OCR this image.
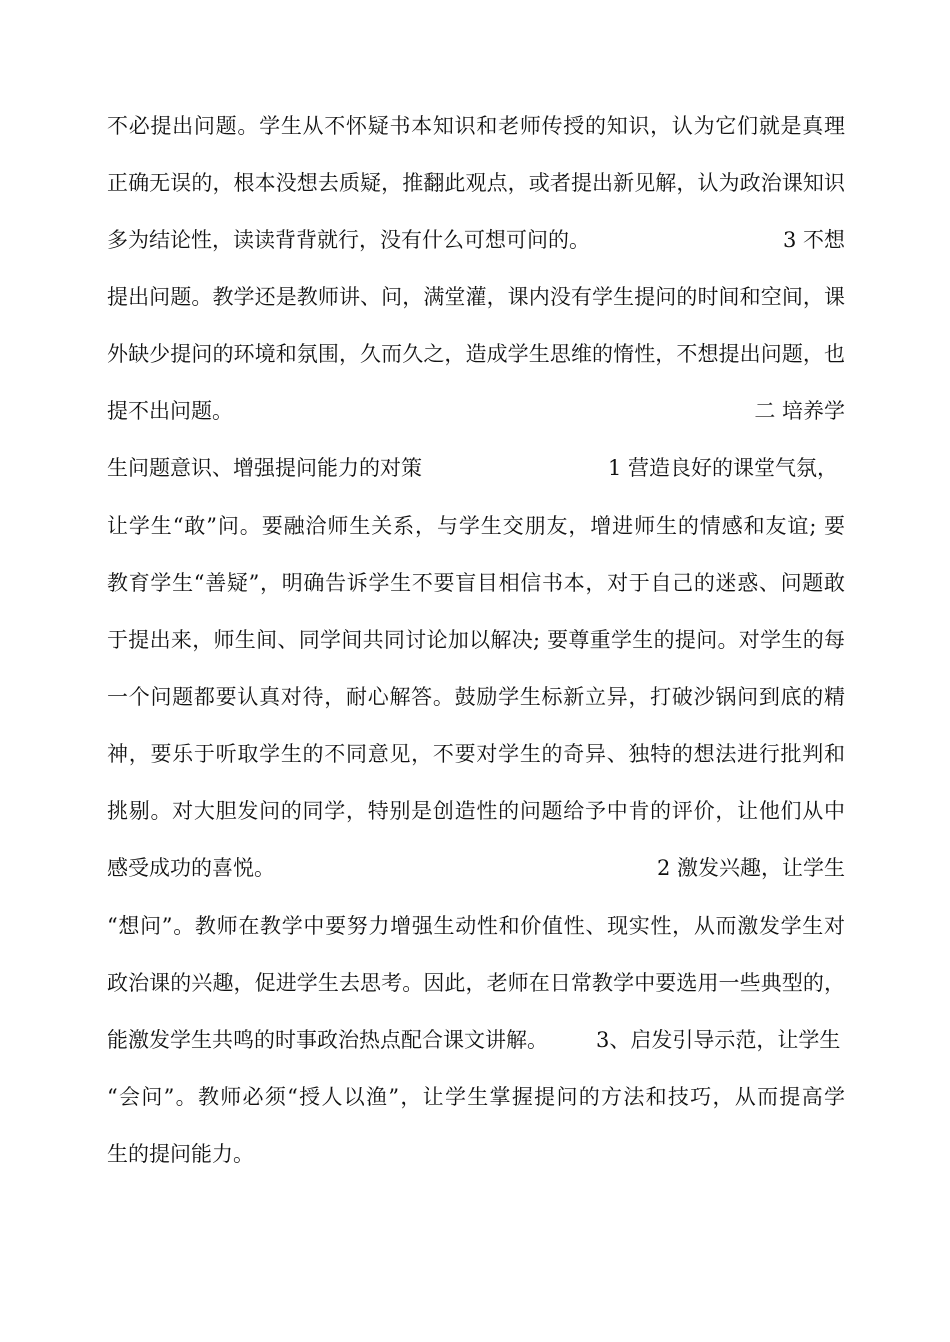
不必提出问题。学生从不怀疑书本知识和老师传授的知识，认为它们就是真理
正确无误的，根本没想去质疑，推翻此观点，或者提出新见解，认为政治课知识
多为结论性，读读背背就行，没有什么可想可问的。	3 不想
提出问题。教学还是教师讲、问，满堂灌，课内没有学生提问的时间和空间，课
外缺少提问的环境和氛围，久而久之，造成学生思维的惰性，不想提出问题，也
提不出问题。	二 培养学
生问题意识、增强提问能力的对策	1 营造良好的课堂气氛，
让学生“敢”问。要融洽师生关系，与学生交朋友，增进师生的情感和友谊; 要
教育学生“善疑”，明确告诉学生不要盲目相信书本，对于自己的迷惑、问题敢
于提出来，师生间、同学间共同讨论加以解决; 要尊重学生的提问。对学生的每
一个问题都要认真对待，耐心解答。鼓励学生标新立异，打破沙锅问到底的精
神，要乐于听取学生的不同意见，不要对学生的奇异、独特的想法进行批判和
挑剔。对大胆发问的同学，特别是创造性的问题给予中肯的评价，让他们从中
感受成功的喜悦。	2 激发兴趣，让学生
“想问”。教师在教学中要努力增强生动性和价值性、现实性，从而激发学生对
政治课的兴趣，促进学生去思考。因此，老师在日常教学中要选用一些典型的，
能激发学生共鸣的时事政治热点配合课文讲解。 3、启发引导示范，让学生
“会问”。教师必须“授人以渔”，让学生掌握提问的方法和技巧，从而提高学
生的提问能力。
